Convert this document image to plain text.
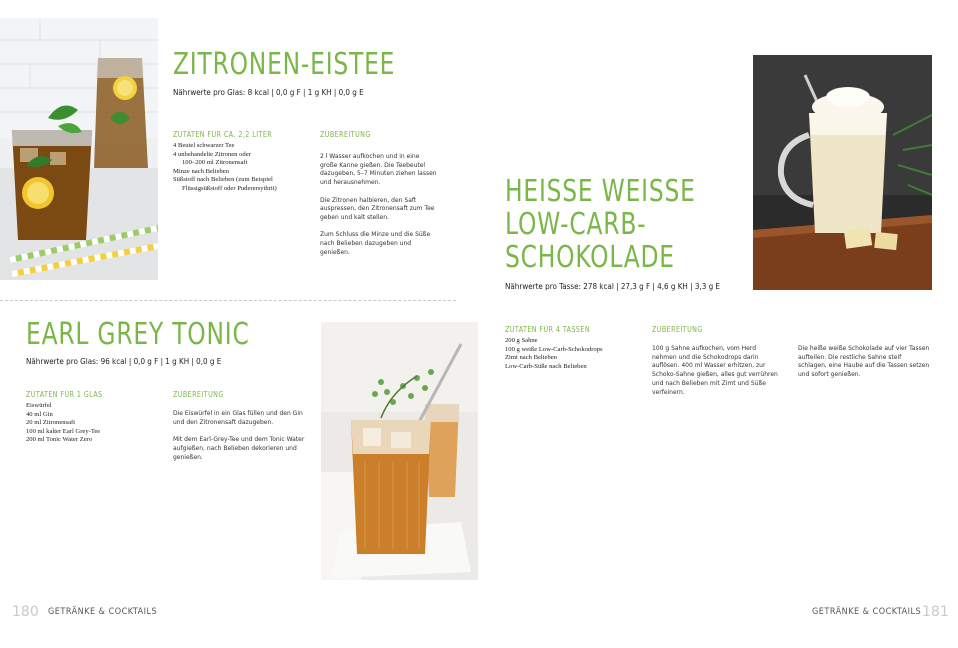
ZITRONEN-EISTEE
Nährwerte pro Glas: 8 kcal | 0,0 g F | 1 g KH | 0,0 g E
ZUTATEN FÜR CA. 2,2 LITER
4 Beutel schwarzer Tee
4 unbehandelte Zitronen oder
100–200 ml Zitronensaft
Minze nach Belieben
Süßstoff nach Belieben (zum Beispiel
Flüssigsüßstoff oder Puderersythrit)
ZUBEREITUNG

2 l Wasser aufkochen und in eine große Kanne gießen. Die Teebeutel dazugeben, 5–7 Minuten ziehen lassen und herausnehmen.

Die Zitronen halbieren, den Saft auspressen, den Zitronensaft zum Tee geben und kalt stellen.

Zum Schluss die Minze und die Süße nach Belieben dazugeben und genießen.

EARL GREY TONIC
Nährwerte pro Glas: 96 kcal | 0,0 g F | 1 g KH | 0,0 g E
ZUTATEN FÜR 1 GLAS
Eiswürfel
40 ml Gin
20 ml Zitronensaft
100 ml kalter Earl Grey-Tee
200 ml Tonic Water Zero
ZUBEREITUNG

Die Eiswürfel in ein Glas füllen und den Gin und den Zitronensaft dazugeben.

Mit dem Earl-Grey-Tee und dem Tonic Water aufgießen, nach Belieben dekorieren und genießen.

180 GETRÄNKE & COCKTAILS
HEISSE WEISSE
LOW-CARB-
SCHOKOLADE
Nährwerte pro Tasse: 278 kcal | 27,3 g F | 4,6 g KH | 3,3 g E
ZUTATEN FÜR 4 TASSEN
200 g Sahne
100 g weiße Low-Carb-Schokodrops
Zimt nach Belieben
Low-Carb-Süße nach Belieben
ZUBEREITUNG
100 g Sahne aufkochen, vom Herd nehmen und die Schokodrops darin auflösen. 400 ml Wasser erhitzen, zur Schoko-Sahne gießen, alles gut verrühren und nach Belieben mit Zimt und Süße verfeinern.
Die heiße weiße Schokolade auf vier Tassen aufteilen. Die restliche Sahne steif schlagen, eine Haube auf die Tassen setzen und sofort genießen.
GETRÄNKE & COCKTAILS 181
